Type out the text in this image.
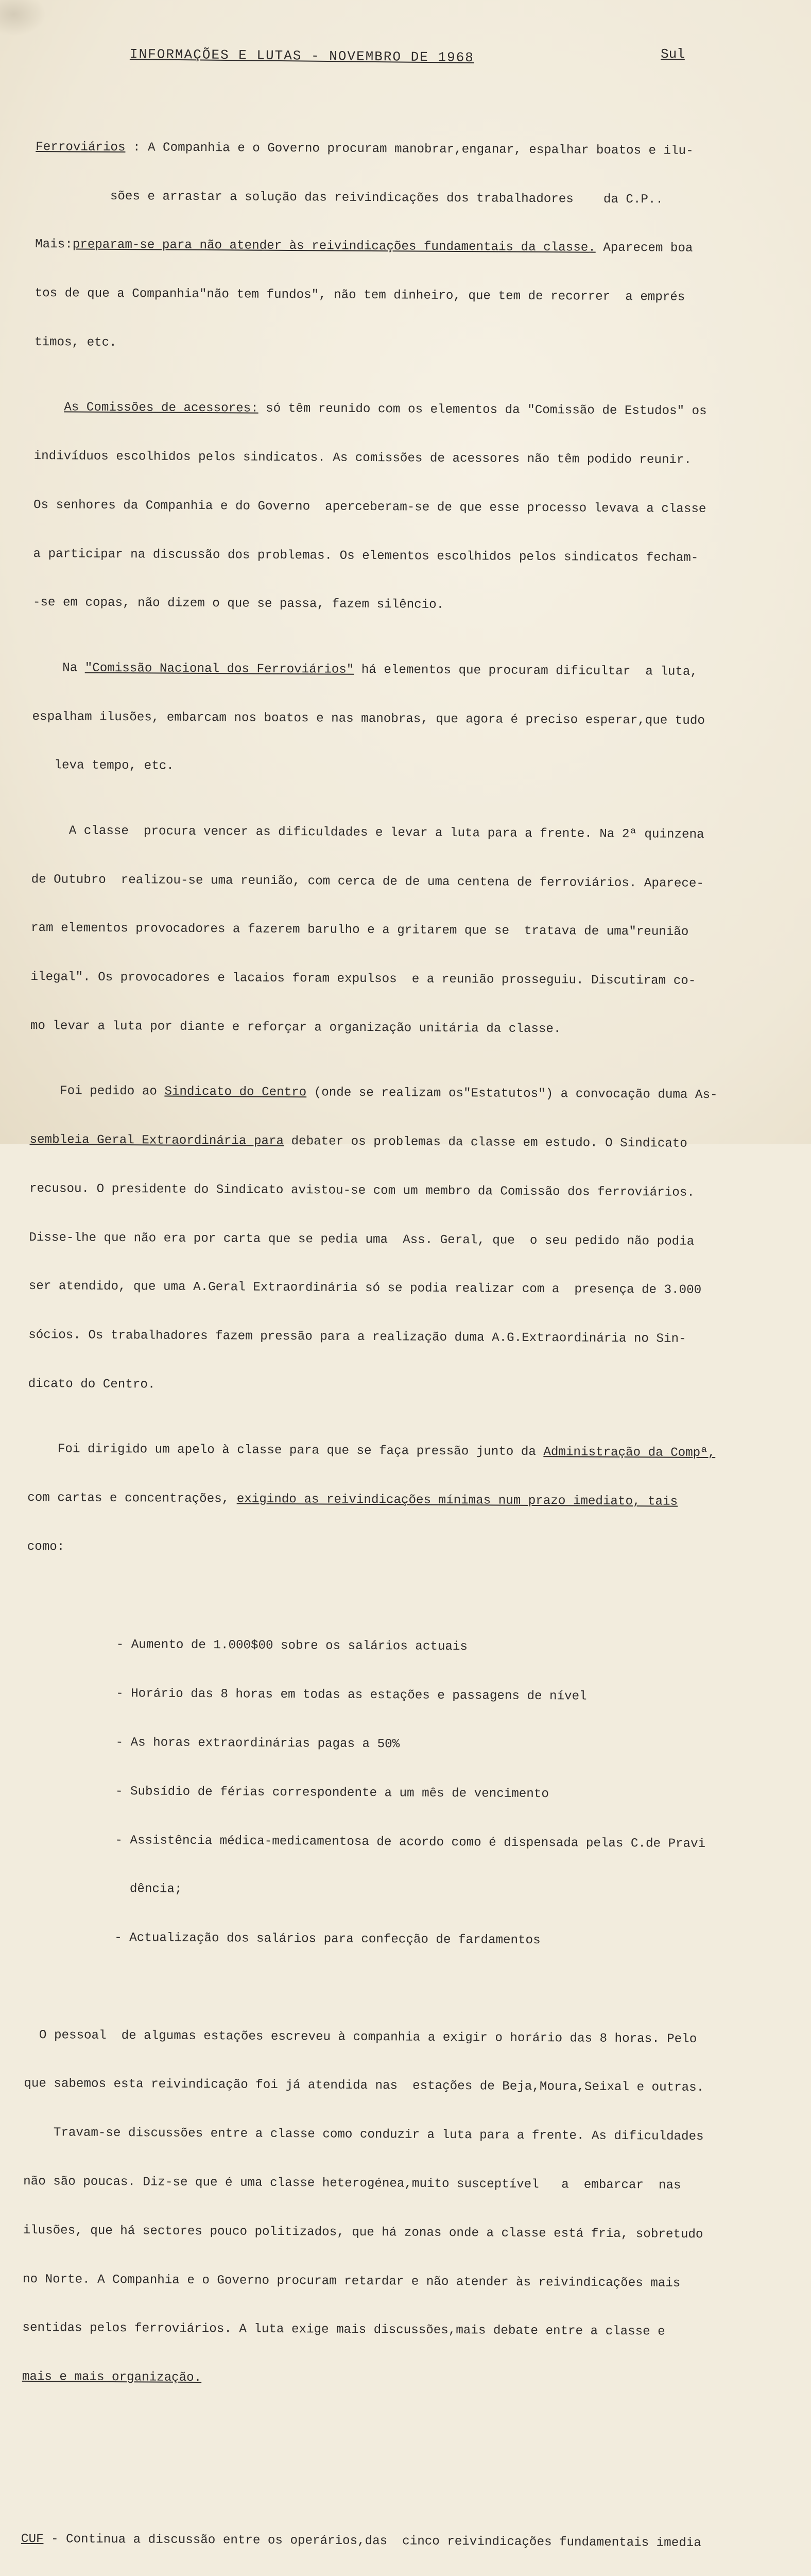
INFORMAÇÕES E LUTAS - NOVEMBRO DE 1968	Sul

Ferroviários : A Companhia e o Governo procuram manobrar,enganar, espalhar boatos e ilu-

sões e arrastar a solução das reivindicações dos trabalhadores    da C.P..

Mais:preparam-se para não atender às reivindicações fundamentais da classe. Aparecem boa

tos de que a Companhia"não tem fundos", não tem dinheiro, que tem de recorrer  a emprés

timos, etc.

As Comissões de acessores: só têm reunido com os elementos da "Comissão de Estudos" os

indivíduos escolhidos pelos sindicatos. As comissões de acessores não têm podido reunir.

Os senhores da Companhia e do Governo  aperceberam-se de que esse processo levava a classe

a participar na discussão dos problemas. Os elementos escolhidos pelos sindicatos fecham-

-se em copas, não dizem o que se passa, fazem silêncio.

Na "Comissão Nacional dos Ferroviários" há elementos que procuram dificultar  a luta,

espalham ilusões, embarcam nos boatos e nas manobras, que agora é preciso esperar,que tudo

leva tempo, etc.

A classe  procura vencer as dificuldades e levar a luta para a frente. Na 2ª quinzena

de Outubro  realizou-se uma reunião, com cerca de de uma centena de ferroviários. Aparece-

ram elementos provocadores a fazerem barulho e a gritarem que se  tratava de uma"reunião

ilegal". Os provocadores e lacaios foram expulsos  e a reunião prosseguiu. Discutiram co-

mo levar a luta por diante e reforçar a organização unitária da classe.

Foi pedido ao Sindicato do Centro (onde se realizam os"Estatutos") a convocação duma As-

sembleia Geral Extraordinária para debater os problemas da classe em estudo. O Sindicato

recusou. O presidente do Sindicato avistou-se com um membro da Comissão dos ferroviários.

Disse-lhe que não era por carta que se pedia uma  Ass. Geral, que  o seu pedido não podia

ser atendido, que uma A.Geral Extraordinária só se podia realizar com a  presença de 3.000

sócios. Os trabalhadores fazem pressão para a realização duma A.G.Extraordinária no Sin-

dicato do Centro.

Foi dirigido um apelo à classe para que se faça pressão junto da Administração da Compª,

com cartas e concentrações, exigindo as reivindicações mínimas num prazo imediato, tais

como:

- Aumento de 1.000$00 sobre os salários actuais

- Horário das 8 horas em todas as estações e passagens de nível

- As horas extraordinárias pagas a 50%

- Subsídio de férias correspondente a um mês de vencimento

- Assistência médica-medicamentosa de acordo como é dispensada pelas C.de Pravi

dência;

- Actualização dos salários para confecção de fardamentos

O pessoal  de algumas estações escreveu à companhia a exigir o horário das 8 horas. Pelo

que sabemos esta reivindicação foi já atendida nas  estações de Beja,Moura,Seixal e outras.

Travam-se discussões entre a classe como conduzir a luta para a frente. As dificuldades

não são poucas. Diz-se que é uma classe heterogénea,muito susceptível   a  embarcar  nas

ilusões, que há sectores pouco politizados, que há zonas onde a classe está fria, sobretudo

no Norte. A Companhia e o Governo procuram retardar e não atender às reivindicações mais

sentidas pelos ferroviários. A luta exige mais discussões,mais debate entre a classe e

mais e mais organização.

CUF - Continua a discussão entre os operários,das  cinco reivindicações fundamentais imedia
